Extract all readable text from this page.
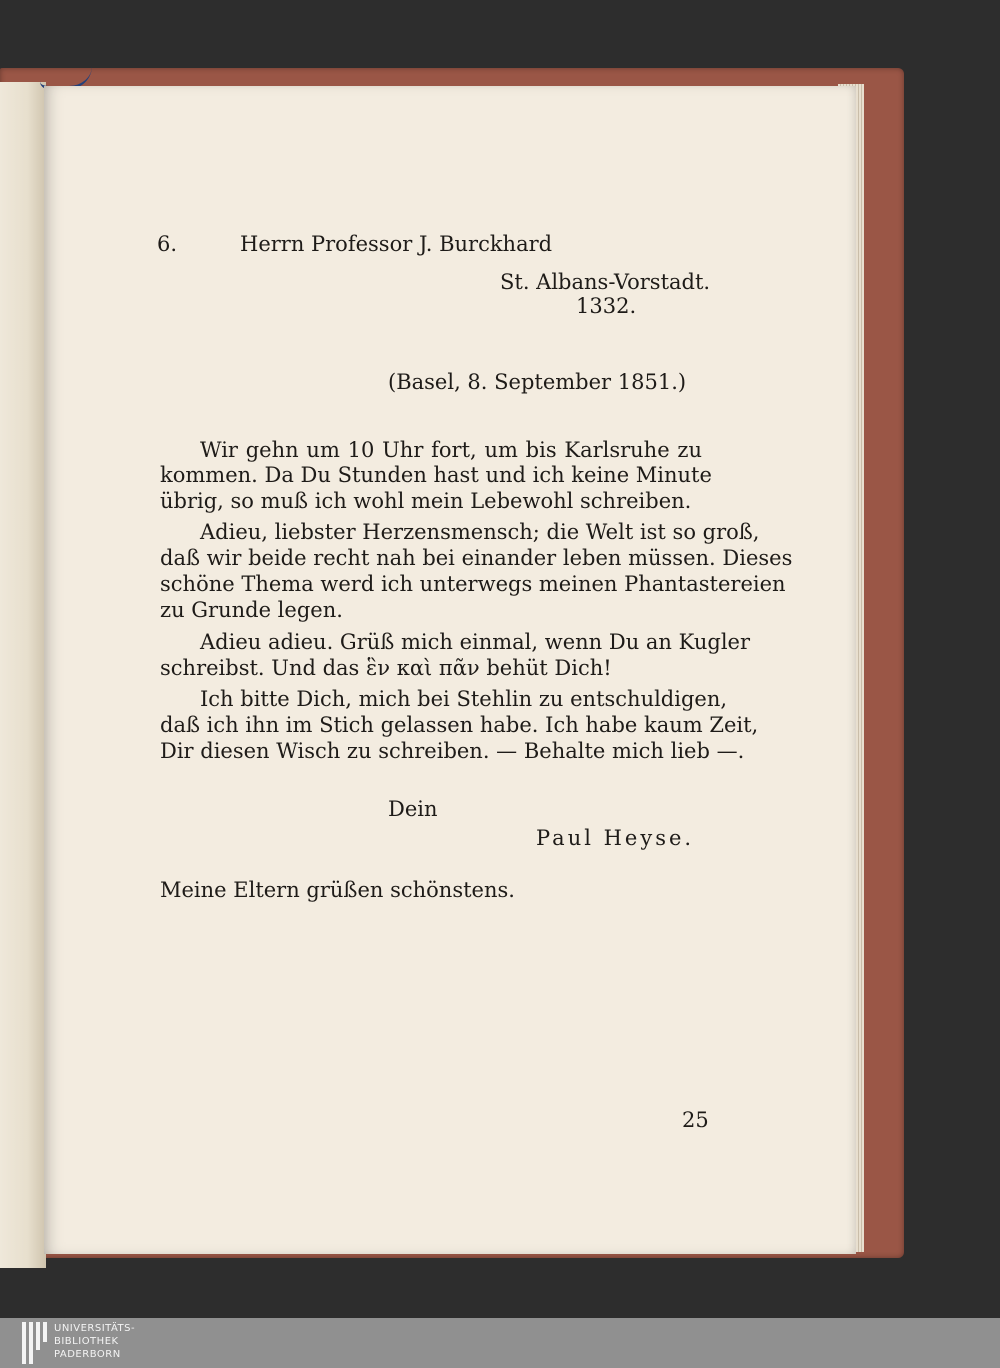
6.	Herrn Professor J. Burckhard
St. Albans-Vorstadt.
1332.
(Basel, 8. September 1851.)
Wir gehn um 10 Uhr fort, um bis Karlsruhe zu
kommen. Da Du Stunden hast und ich keine Minute
übrig, so muß ich wohl mein Lebewohl schreiben.
Adieu, liebster Herzensmensch; die Welt ist so groß,
daß wir beide recht nah bei einander leben müssen. Dieses
schöne Thema werd ich unterwegs meinen Phantastereien
zu Grunde legen.
Adieu adieu. Grüß mich einmal, wenn Du an Kugler
schreibst. Und das ἓν καὶ πᾶν behüt Dich!
Ich bitte Dich, mich bei Stehlin zu entschuldigen,
daß ich ihn im Stich gelassen habe. Ich habe kaum Zeit,
Dir diesen Wisch zu schreiben. — Behalte mich lieb —.
Dein
Paul Heyse.
Meine Eltern grüßen schönstens.
25
UNIVERSITÄTS-
BIBLIOTHEK
PADERBORN
